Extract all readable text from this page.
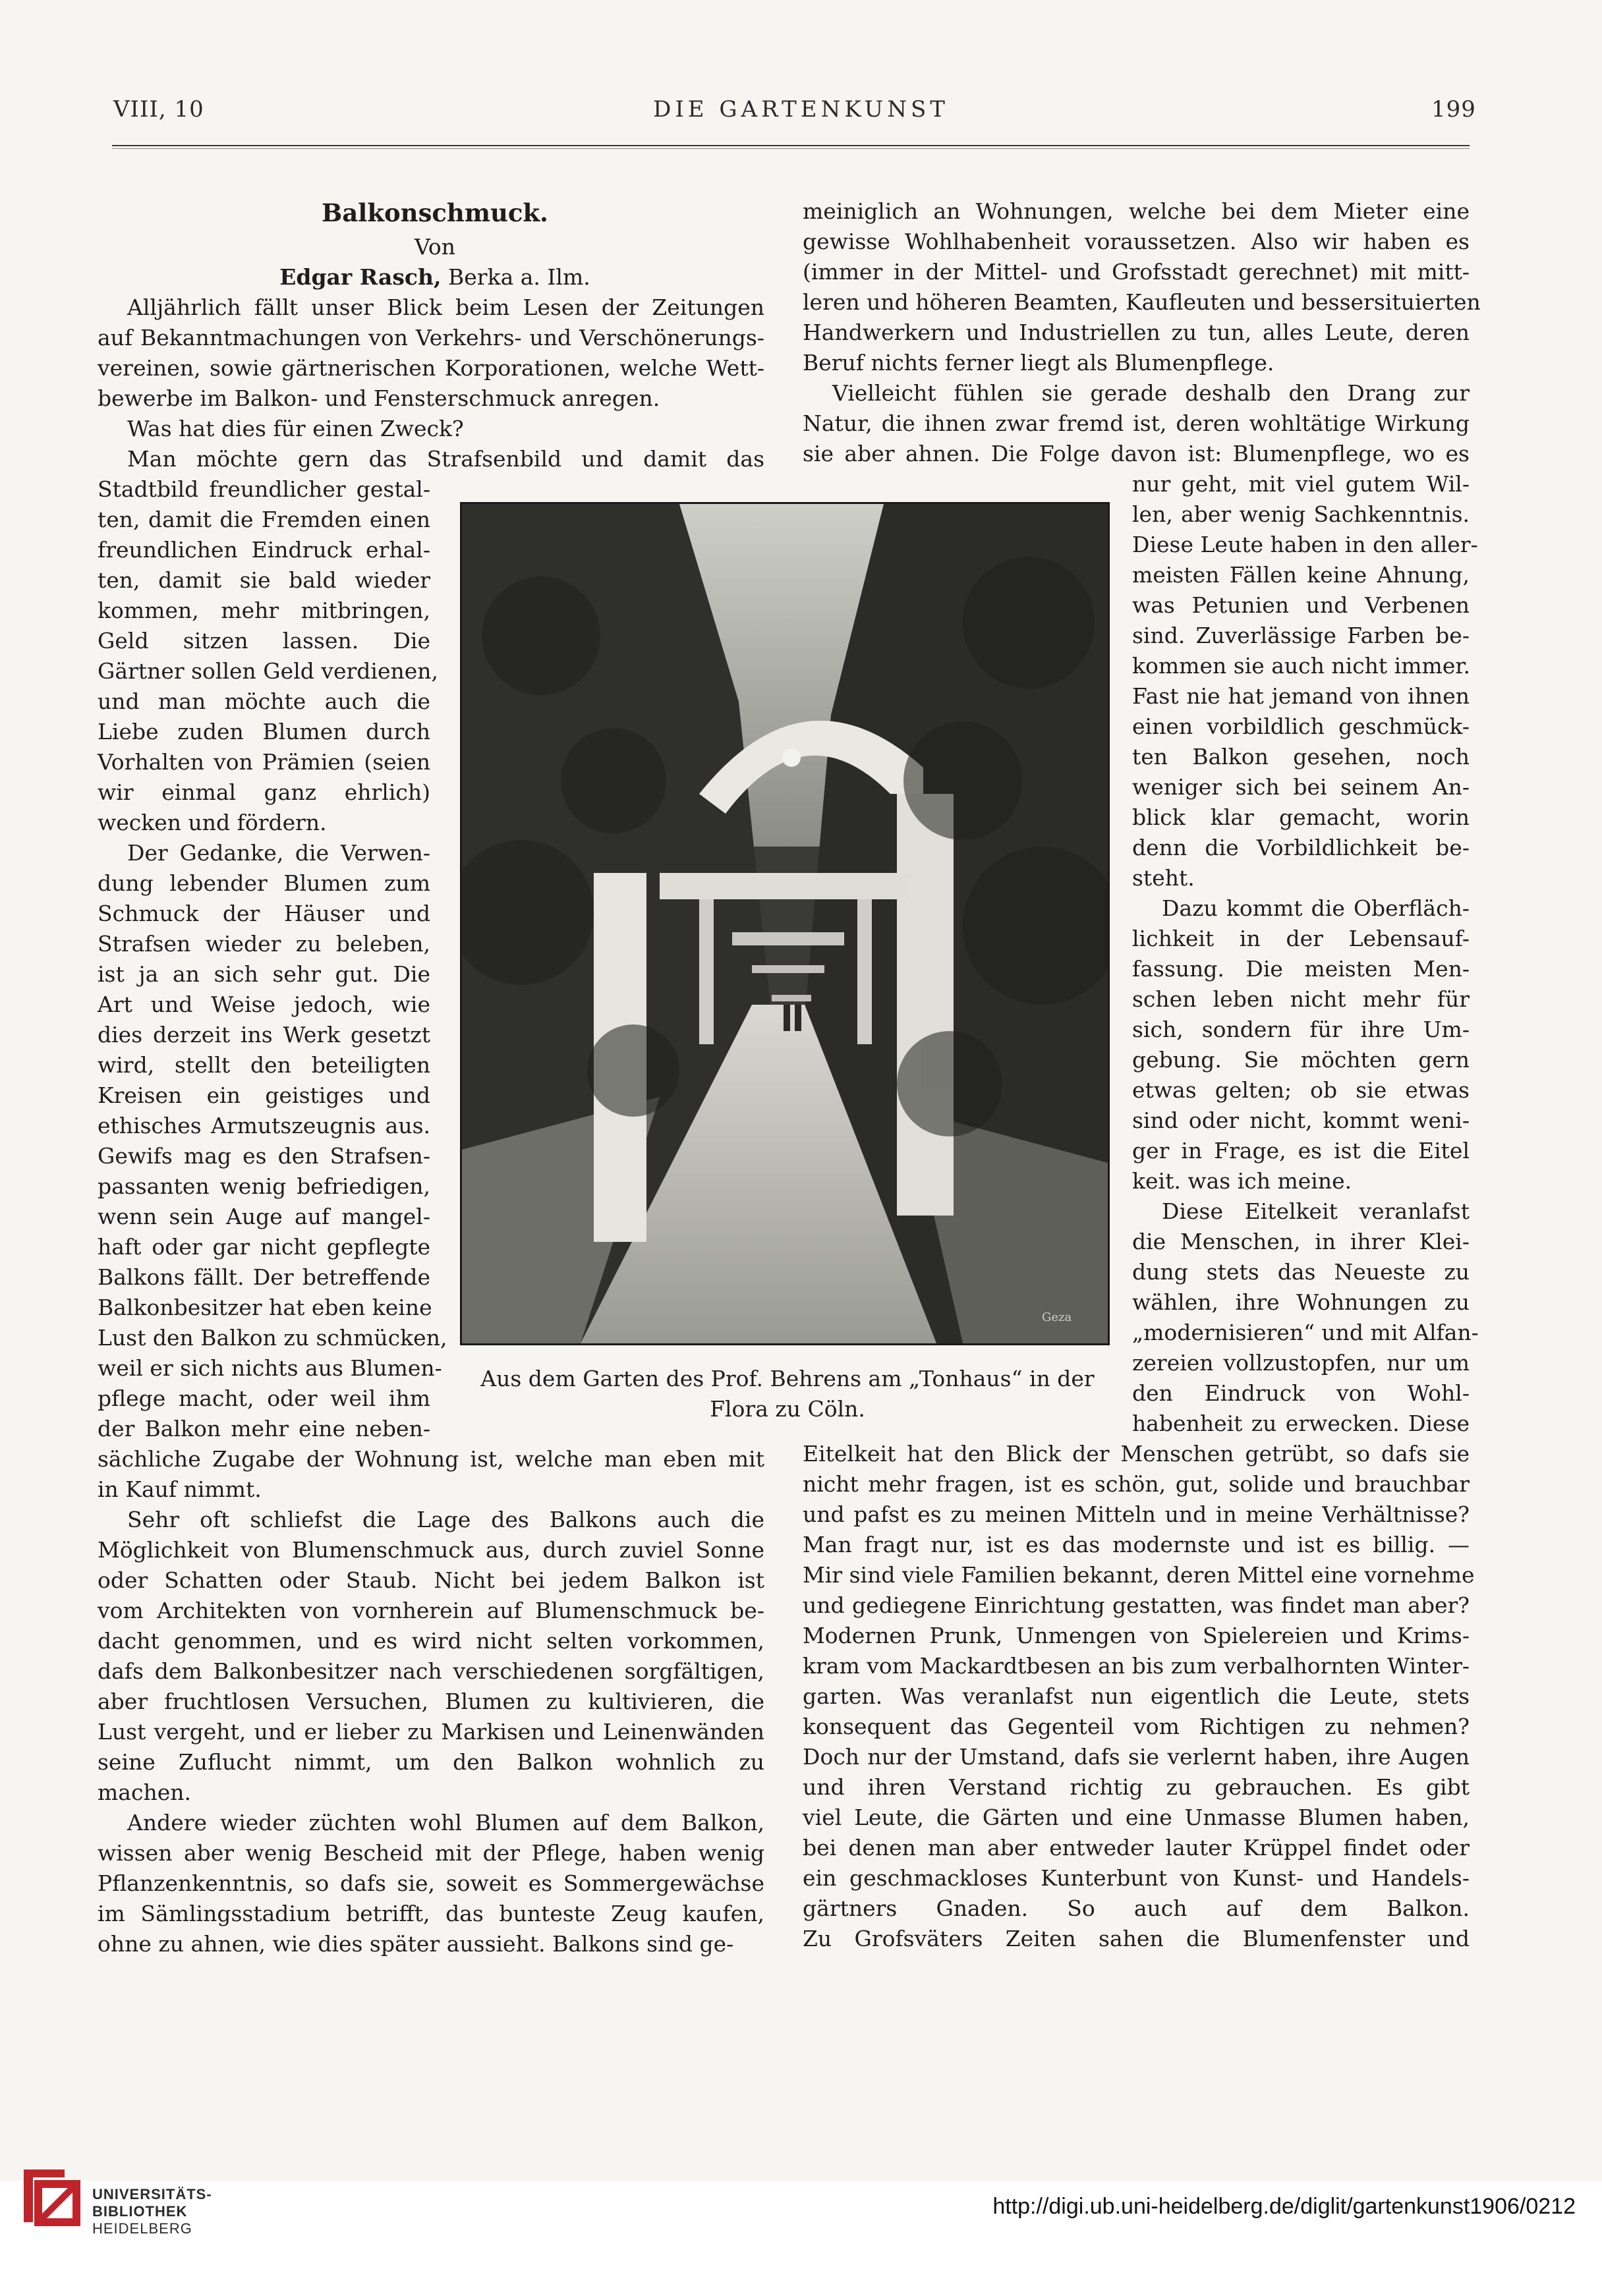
VIII, 10	DIE GARTENKUNST	199
Balkonschmuck.
Von
Edgar Rasch, Berka a. Ilm.
Alljährlich fällt unser Blick beim Lesen der Zeitungen
auf Bekanntmachungen von Verkehrs- und Verschönerungs-
vereinen, sowie gärtnerischen Korporationen, welche Wett-
bewerbe im Balkon- und Fensterschmuck anregen.
Was hat dies für einen Zweck?
Man möchte gern das Strafsenbild und damit das
Stadtbild freundlicher gestal-
ten, damit die Fremden einen
freundlichen Eindruck erhal-
ten, damit sie bald wieder
kommen, mehr mitbringen,
Geld sitzen lassen. Die
Gärtner sollen Geld verdienen,
und man möchte auch die
Liebe zuden Blumen durch
Vorhalten von Prämien (seien
wir einmal ganz ehrlich)
wecken und fördern.
Der Gedanke, die Verwen-
dung lebender Blumen zum
Schmuck der Häuser und
Strafsen wieder zu beleben,
ist ja an sich sehr gut. Die
Art und Weise jedoch, wie
dies derzeit ins Werk gesetzt
wird, stellt den beteiligten
Kreisen ein geistiges und
ethisches Armutszeugnis aus.
Gewifs mag es den Strafsen-
passanten wenig befriedigen,
wenn sein Auge auf mangel-
haft oder gar nicht gepflegte
Balkons fällt. Der betreffende
Balkonbesitzer hat eben keine
Lust den Balkon zu schmücken,
weil er sich nichts aus Blumen-
pflege macht, oder weil ihm
der Balkon mehr eine neben-
sächliche Zugabe der Wohnung ist, welche man eben mit
in Kauf nimmt.
Sehr oft schliefst die Lage des Balkons auch die
Möglichkeit von Blumenschmuck aus, durch zuviel Sonne
oder Schatten oder Staub. Nicht bei jedem Balkon ist
vom Architekten von vornherein auf Blumenschmuck be-
dacht genommen, und es wird nicht selten vorkommen,
dafs dem Balkonbesitzer nach verschiedenen sorgfältigen,
aber fruchtlosen Versuchen, Blumen zu kultivieren, die
Lust vergeht, und er lieber zu Markisen und Leinenwänden
seine Zuflucht nimmt, um den Balkon wohnlich zu
machen.
Andere wieder züchten wohl Blumen auf dem Balkon,
wissen aber wenig Bescheid mit der Pflege, haben wenig
Pflanzenkenntnis, so dafs sie, soweit es Sommergewächse
im Sämlingsstadium betrifft, das bunteste Zeug kaufen,
ohne zu ahnen, wie dies später aussieht. Balkons sind ge-
meiniglich an Wohnungen, welche bei dem Mieter eine
gewisse Wohlhabenheit voraussetzen. Also wir haben es
(immer in der Mittel- und Grofsstadt gerechnet) mit mitt-
leren und höheren Beamten, Kaufleuten und bessersituierten
Handwerkern und Industriellen zu tun, alles Leute, deren
Beruf nichts ferner liegt als Blumenpflege.
Vielleicht fühlen sie gerade deshalb den Drang zur
Natur, die ihnen zwar fremd ist, deren wohltätige Wirkung
sie aber ahnen. Die Folge davon ist: Blumenpflege, wo es
nur geht, mit viel gutem Wil-
len, aber wenig Sachkenntnis.
Diese Leute haben in den aller-
meisten Fällen keine Ahnung,
was Petunien und Verbenen
sind. Zuverlässige Farben be-
kommen sie auch nicht immer.
Fast nie hat jemand von ihnen
einen vorbildlich geschmück-
ten Balkon gesehen, noch
weniger sich bei seinem An-
blick klar gemacht, worin
denn die Vorbildlichkeit be-
steht.
Dazu kommt die Oberfläch-
lichkeit in der Lebensauf-
fassung. Die meisten Men-
schen leben nicht mehr für
sich, sondern für ihre Um-
gebung. Sie möchten gern
etwas gelten; ob sie etwas
sind oder nicht, kommt weni-
ger in Frage, es ist die Eitel
keit. was ich meine.
Diese Eitelkeit veranlafst
die Menschen, in ihrer Klei-
dung stets das Neueste zu
wählen, ihre Wohnungen zu
„modernisieren“ und mit Alfan-
zereien vollzustopfen, nur um
den Eindruck von Wohl-
habenheit zu erwecken. Diese
Eitelkeit hat den Blick der Menschen getrübt, so dafs sie
nicht mehr fragen, ist es schön, gut, solide und brauchbar
und pafst es zu meinen Mitteln und in meine Verhältnisse?
Man fragt nur, ist es das modernste und ist es billig. —
Mir sind viele Familien bekannt, deren Mittel eine vornehme
und gediegene Einrichtung gestatten, was findet man aber?
Modernen Prunk, Unmengen von Spielereien und Krims-
kram vom Mackardtbesen an bis zum verbalhornten Winter-
garten. Was veranlafst nun eigentlich die Leute, stets
konsequent das Gegenteil vom Richtigen zu nehmen?
Doch nur der Umstand, dafs sie verlernt haben, ihre Augen
und ihren Verstand richtig zu gebrauchen. Es gibt
viel Leute, die Gärten und eine Unmasse Blumen haben,
bei denen man aber entweder lauter Krüppel findet oder
ein geschmackloses Kunterbunt von Kunst- und Handels-
gärtners Gnaden. So auch auf dem Balkon.
Zu Grofsväters Zeiten sahen die Blumenfenster und
Geza
Aus dem Garten des Prof. Behrens am „Tonhaus“ in der
Flora zu Cöln.
UNIVERSITÄTS-
BIBLIOTHEK
HEIDELBERG
http://digi.ub.uni-heidelberg.de/diglit/gartenkunst1906/0212
